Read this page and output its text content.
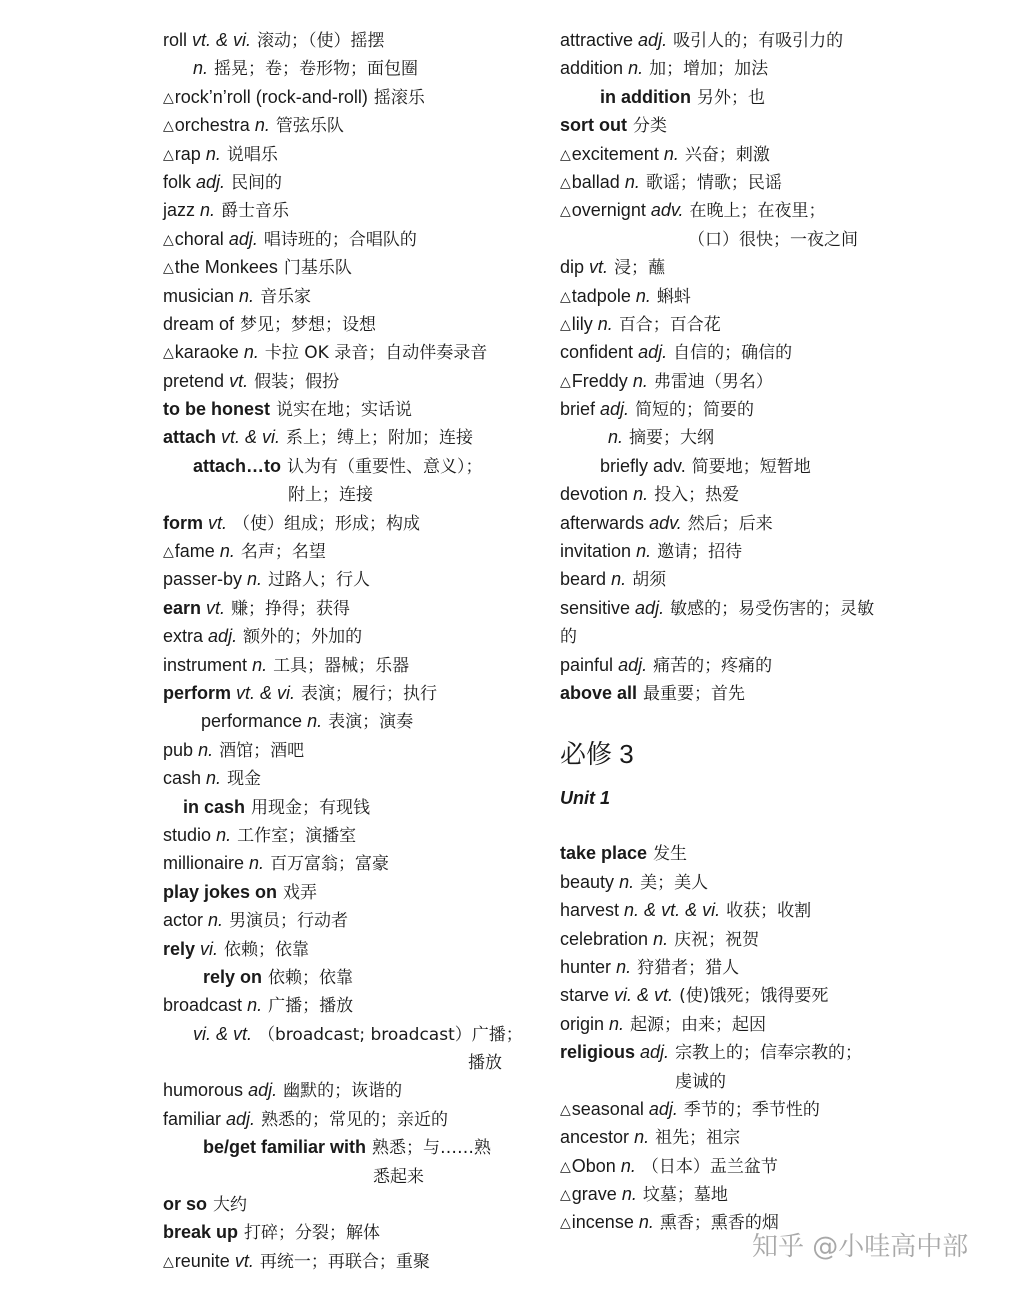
roll vt. & vi. 滚动；（使）摇摆
n. 摇晃；卷；卷形物；面包圈
△rock’n’roll (rock-and-roll) 摇滚乐
△orchestra n. 管弦乐队
△rap n. 说唱乐
folk adj. 民间的
jazz n. 爵士音乐
△choral adj. 唱诗班的；合唱队的
△the Monkees 门基乐队
musician n. 音乐家
dream of 梦见；梦想；设想
△karaoke n. 卡拉 OK 录音；自动伴奏录音
pretend vt. 假装；假扮
to be honest 说实在地；实话说
attach vt. & vi. 系上；缚上；附加；连接
attach…to 认为有（重要性、意义）；
附上；连接
form vt. （使）组成；形成；构成
△fame n. 名声；名望
passer-by n. 过路人；行人
earn vt. 赚；挣得；获得
extra adj. 额外的；外加的
instrument n. 工具；器械；乐器
perform vt. & vi. 表演；履行；执行
performance n. 表演；演奏
pub n. 酒馆；酒吧
cash n. 现金
in cash 用现金；有现钱
studio n. 工作室；演播室
millionaire n. 百万富翁；富豪
play jokes on 戏弄
actor n. 男演员；行动者
rely vi. 依赖；依靠
rely on 依赖；依靠
broadcast n. 广播；播放
vi. & vt. （broadcast; broadcast）广播；
播放
humorous adj. 幽默的；诙谐的
familiar adj. 熟悉的；常见的；亲近的
be/get familiar with 熟悉；与……熟
悉起来
or so 大约
break up 打碎；分裂；解体
△reunite vt. 再统一；再联合；重聚
attractive adj. 吸引人的；有吸引力的
addition n. 加；增加；加法
in addition 另外；也
sort out 分类
△excitement n. 兴奋；刺激
△ballad n. 歌谣；情歌；民谣
△overnignt adv. 在晚上；在夜里；
（口）很快；一夜之间
dip vt. 浸；蘸
△tadpole n. 蝌蚪
△lily n. 百合；百合花
confident adj. 自信的；确信的
△Freddy n. 弗雷迪（男名）
brief adj. 简短的；简要的
n. 摘要；大纲
briefly adv. 简要地；短暂地
devotion n. 投入；热爱
afterwards adv. 然后；后来
invitation n. 邀请；招待
beard n. 胡须
sensitive adj. 敏感的；易受伤害的；灵敏
的
painful adj. 痛苦的；疼痛的
above all 最重要；首先
必修 3
Unit 1
take place 发生
beauty n. 美；美人
harvest n. & vt. & vi. 收获；收割
celebration n. 庆祝；祝贺
hunter n. 狩猎者；猎人
starve vi. & vt. (使)饿死；饿得要死
origin n. 起源；由来；起因
religious adj. 宗教上的；信奉宗教的；
虔诚的
△seasonal adj. 季节的；季节性的
ancestor n. 祖先；祖宗
△Obon n. （日本）盂兰盆节
△grave n. 坟墓；墓地
△incense n. 熏香；熏香的烟
知乎 @小哇高中部
